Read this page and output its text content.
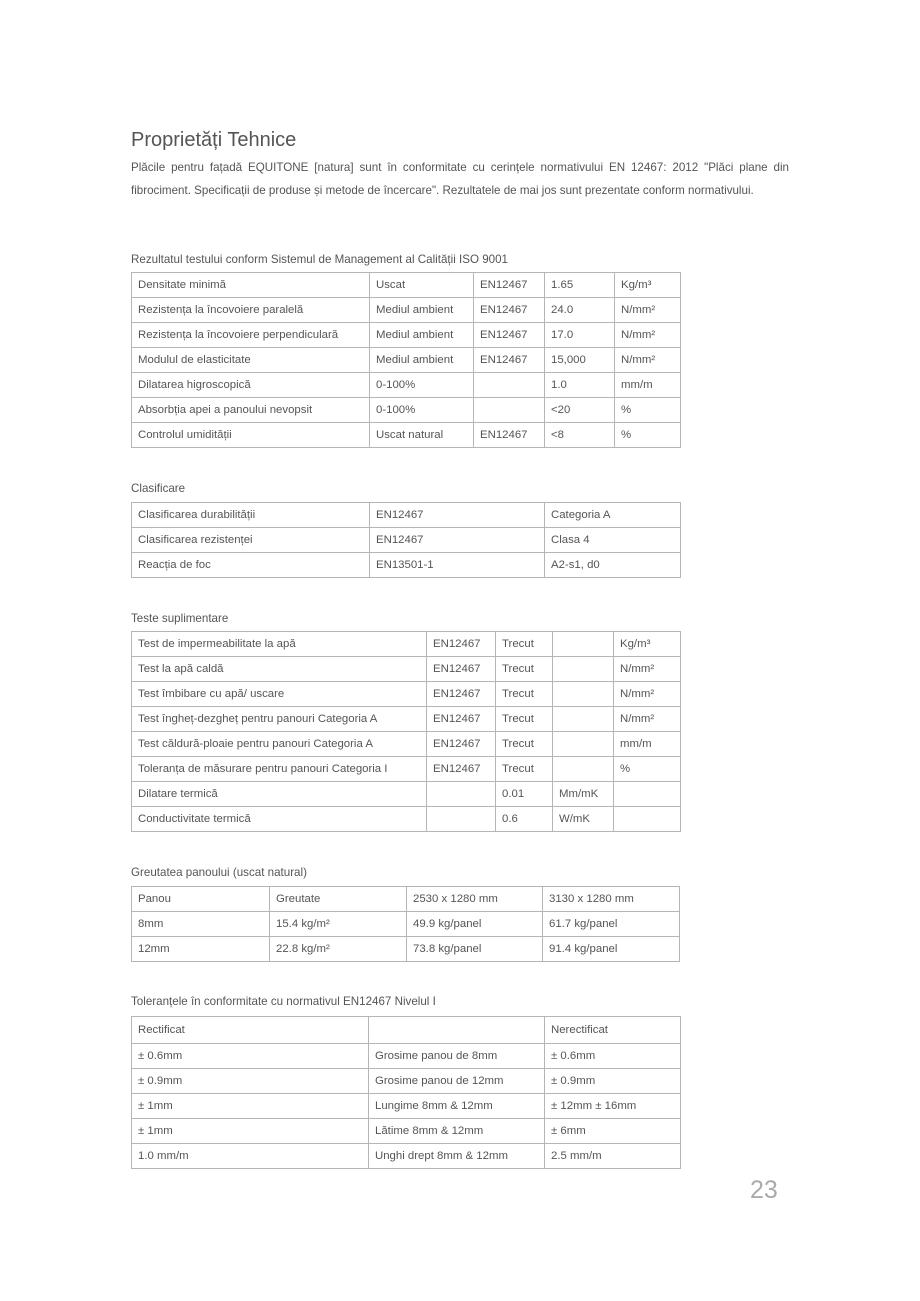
Proprietăți Tehnice

Plăcile pentru fațadă EQUITONE [natura] sunt în conformitate cu cerințele normativului EN 12467: 2012 "Plăci plane din fibrociment. Specificații de produse și metode de încercare". Rezultatele de mai jos sunt prezentate conform normativului.

Rezultatul testului conform Sistemul de Management al Calității ISO 9001
Densitate minimă	Uscat	EN12467	1.65	Kg/m³
Rezistența la încovoiere paralelă	Mediul ambient	EN12467	24.0	N/mm²
Rezistența la încovoiere perpendiculară	Mediul ambient	EN12467	17.0	N/mm²
Modulul de elasticitate	Mediul ambient	EN12467	15,000	N/mm²
Dilatarea higroscopică	0-100%		1.0	mm/m
Absorbția apei a panoului nevopsit	0-100%		<20	%
Controlul umidității	Uscat natural	EN12467	<8	%
Clasificare
Clasificarea durabilității	EN12467	Categoria A
Clasificarea rezistenței	EN12467	Clasa 4
Reacția de foc	EN13501-1	A2-s1, d0
Teste suplimentare
Test de impermeabilitate la apă	EN12467	Trecut		Kg/m³
Test la apă caldă	EN12467	Trecut		N/mm²
Test îmbibare cu apă/ uscare	EN12467	Trecut		N/mm²
Test îngheț-dezgheț pentru panouri Categoria A	EN12467	Trecut		N/mm²
Test căldură-ploaie pentru panouri Categoria A	EN12467	Trecut		mm/m
Toleranța de măsurare pentru panouri Categoria I	EN12467	Trecut		%
Dilatare termică		0.01	Mm/mK	
Conductivitate termică		0.6	W/mK	
Greutatea panoului (uscat natural)
Panou	Greutate	2530 x 1280 mm	3130 x 1280 mm
8mm	15.4 kg/m²	49.9 kg/panel	61.7 kg/panel
12mm	22.8 kg/m²	73.8 kg/panel	91.4 kg/panel
Toleranțele în conformitate cu normativul EN12467 Nivelul I
Rectificat		Nerectificat
± 0.6mm	Grosime panou de 8mm	± 0.6mm
± 0.9mm	Grosime panou de 12mm	± 0.9mm
± 1mm	Lungime 8mm & 12mm	± 12mm ± 16mm
± 1mm	Lătime 8mm & 12mm	± 6mm
1.0 mm/m	Unghi drept 8mm & 12mm	2.5 mm/m
23
